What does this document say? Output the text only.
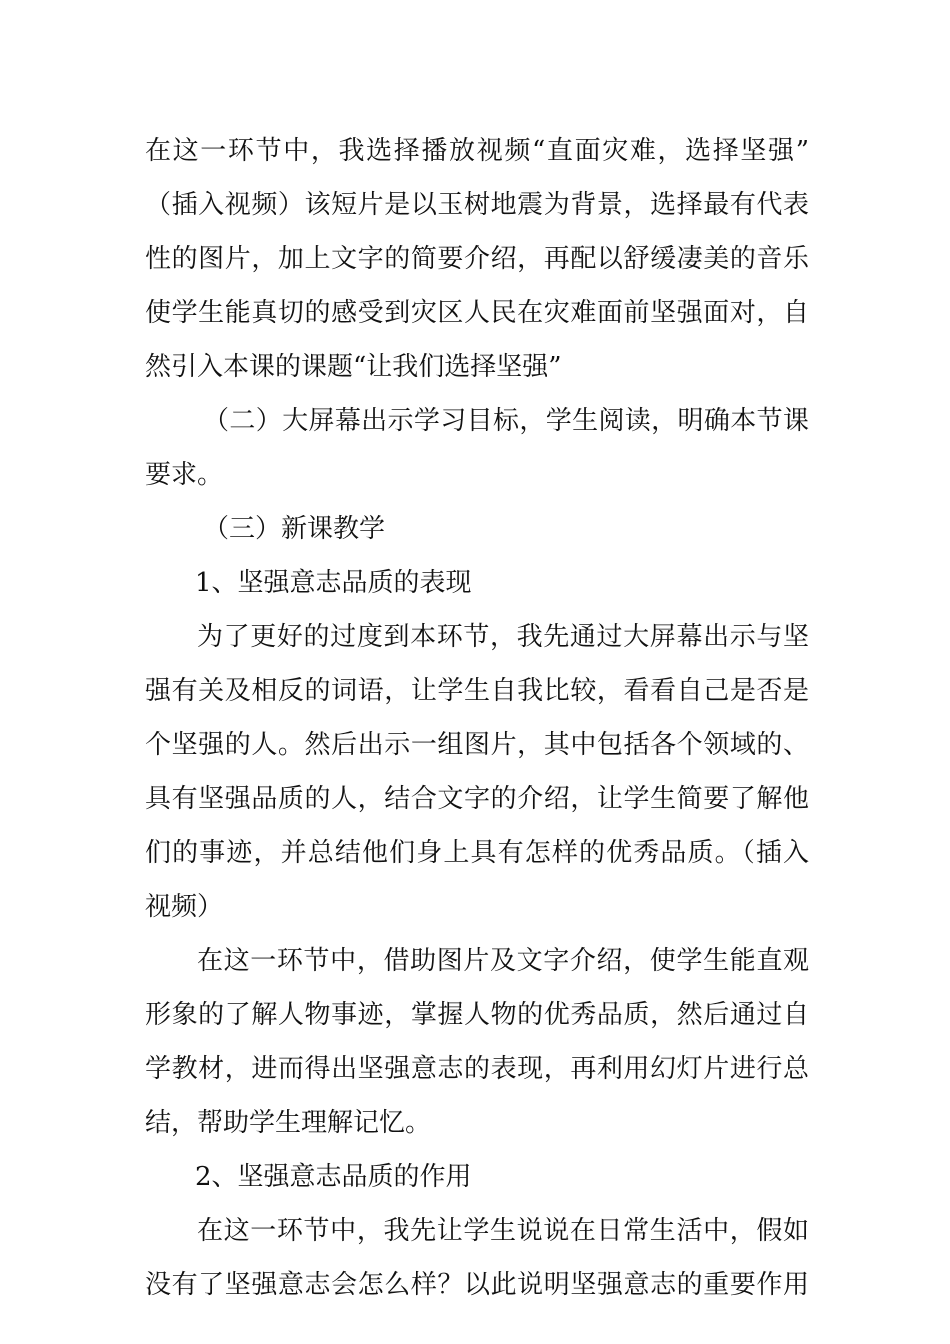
在这一环节中，我选择播放视频“直面灾难，选择坚强”
（插入视频）该短片是以玉树地震为背景，选择最有代表
性的图片，加上文字的简要介绍，再配以舒缓凄美的音乐
使学生能真切的感受到灾区人民在灾难面前坚强面对，自
然引入本课的课题“让我们选择坚强”
（二）大屏幕出示学习目标，学生阅读，明确本节课
要求。
（三）新课教学
1、坚强意志品质的表现
为了更好的过度到本环节，我先通过大屏幕出示与坚
强有关及相反的词语，让学生自我比较，看看自己是否是
个坚强的人。然后出示一组图片，其中包括各个领域的、
具有坚强品质的人，结合文字的介绍，让学生简要了解他
们的事迹，并总结他们身上具有怎样的优秀品质。（插入
视频）
在这一环节中，借助图片及文字介绍，使学生能直观
形象的了解人物事迹，掌握人物的优秀品质，然后通过自
学教材，进而得出坚强意志的表现，再利用幻灯片进行总
结，帮助学生理解记忆。
2、坚强意志品质的作用
在这一环节中，我先让学生说说在日常生活中，假如
没有了坚强意志会怎么样？以此说明坚强意志的重要作用
